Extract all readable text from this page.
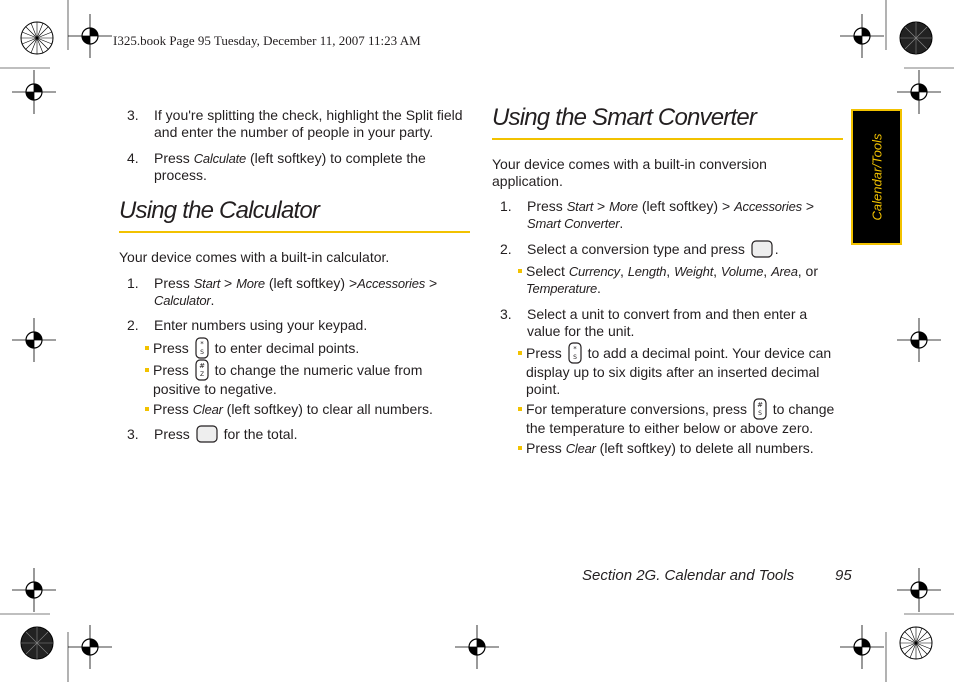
I325.book Page 95 Tuesday, December 11, 2007 11:23 AM
Calendar/Tools
3. If you're splitting the check, highlight the Split field and enter the number of people in your party.
4. Press Calculate (left softkey) to complete the process.
Using the Calculator
Your device comes with a built-in calculator.
1. Press Start > More (left softkey) >Accessories > Calculator.
2. Enter numbers using your keypad.
Press *
S to enter decimal points.
Press #
Z to change the numeric value from positive to negative.
Press Clear (left softkey) to clear all numbers.
3. Press  for the total.
Using the Smart Converter
Your device comes with a built-in conversion application.
1. Press Start > More (left softkey) > Accessories > Smart Converter.
2. Select a conversion type and press .
Select Currency, Length, Weight, Volume, Area, or Temperature.
3. Select a unit to convert from and then enter a value for the unit.
Press *
S to add a decimal point. Your device can display up to six digits after an inserted decimal point.
For temperature conversions, press #
S to change the temperature to either below or above zero.
Press Clear (left softkey) to delete all numbers.
Section 2G. Calendar and Tools	95
